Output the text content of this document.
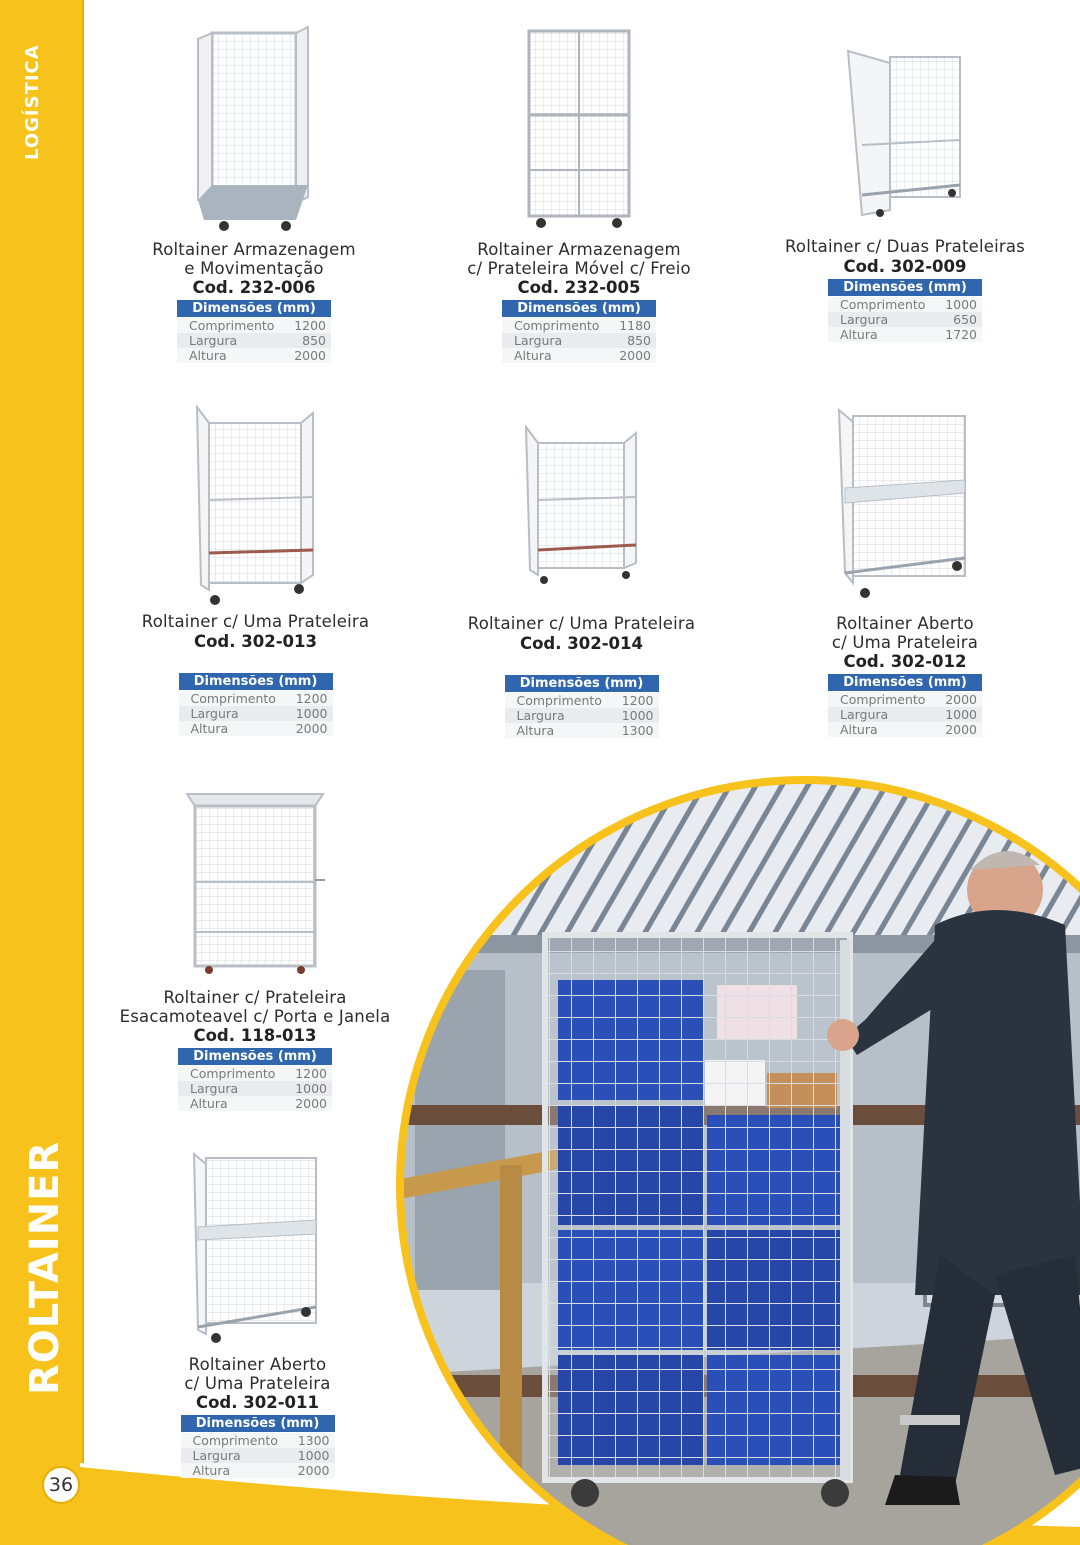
36
Roltainer Armazenagem
e Movimentação
Cod. 232-006
Dimensões (mm)
Comprimento 1200
Largura	850
Altura	2000
Roltainer Armazenagem
c/ Prateleira Móvel c/ Freio
Cod. 232-005
Dimensões (mm)
Comprimento 1180
Largura	850
Altura	2000
Roltainer c/ Duas Prateleiras
Cod. 302-009
Dimensões (mm)
Comprimento 1000
Largura	650
Altura	1720
Roltainer c/ Uma Prateleira
Cod. 302-013
Dimensões (mm)
Comprimento 1200
Largura	1000
Altura	2000
Roltainer c/ Uma Prateleira
Cod. 302-014
Dimensões (mm)
Comprimento 1200
Largura	1000
Altura	1300
Roltainer Aberto
c/ Uma Prateleira
Cod. 302-012
Dimensões (mm)
Comprimento 2000
Largura	1000
Altura	2000
Roltainer c/ Prateleira
Esacamoteavel c/ Porta e Janela
Cod. 118-013
Dimensões (mm)
Comprimento 1200
Largura	1000
Altura	2000
Roltainer Aberto
c/ Uma Prateleira
Cod. 302-011
Dimensões (mm)
Comprimento 1300
Largura	1000
Altura	2000
